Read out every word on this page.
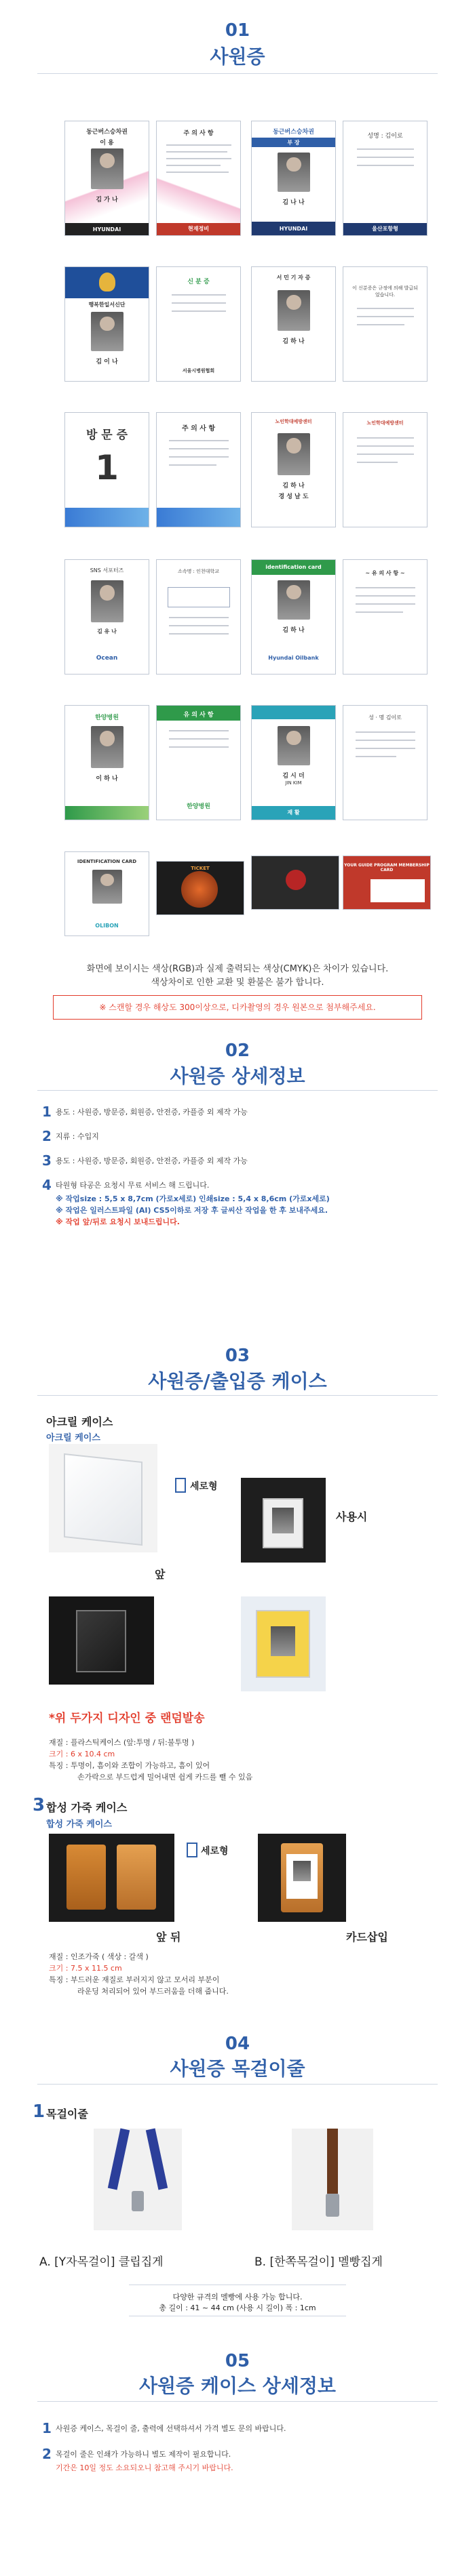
01
사원증
동근버스승차권
이 용
김 가 나
HYUNDAI
주 의 사 항
현재정비
동근버스승차권
부 장
김 나 나
HYUNDAI
성명 : 김이로
울산포항형
행복한일서신단
김 이 나
신 분 증
서울시병원협회
서 민 기 자 증
김 하 나
이 신분증은 규정에 의해 발급되었습니다.
방 문 증
1
주 의 사 항
노인학대예방센터
김 하 나
경 성 날 도
노인학대예방센터
SNS 서포터즈
김 유 나
Ocean
소속명 : 인천대학교
identification card
김 하 나
Hyundai Oilbank
~ 유 의 사 항 ~
한양병원
이 하 나
유 의 사 항
한양병원
김 시 더
JIN KIM
재 활
성 · 명 김이로
IDENTIFICATION CARD
OLIBON
TICKET
YOUR GUIDE PROGRAM MEMBERSHIP CARD
화면에 보이시는 색상(RGB)과 실제 출력되는 색상(CMYK)은 차이가 있습니다.
색상차이로 인한 교환 및 환불은 불가 합니다.
※ 스캔할 경우 해상도 300이상으로, 디카촬영의 경우 원본으로 첨부해주세요.
02
사원증 상세정보
1 용도 : 사원증, 방문증, 회원증, 안전증, 카플증 외 제작 가능
2 지류 : 수입지
3 용도 : 사원증, 방문증, 회원증, 안전증, 카플증 외 제작 가능
4 타원형 타공은 요청시 무료 서비스 해 드립니다.
※ 작업size : 5,5 x 8,7cm (가로x세로) 인쇄size : 5,4 x 8,6cm (가로x세로)
※ 작업은 일러스트파일 (AI) CS5이하로 저장 후 글씨산 작업을 한 후 보내주세요.
※ 작업 앞/뒤로 요청시 보내드립니다.
03
사원증/출입증 케이스
아크릴 케이스
아크릴 케이스
세로형
앞
사용시
*위 두가지 디자인 중 랜덤발송
재질 : 플라스틱케이스 (앞:투명 / 뒤:불투명 )
크기 : 6 x 10.4 cm
특징 : 투명이, 흠이와 조합이 가능하고, 흠이 있어
손가락으로 부드럽게 밀어내면 쉽게 카드를 뺄 수 있음
3 합성 가죽 케이스
합성 가죽 케이스
세로형
앞 뒤	카드삽입
재질 : 인조가죽 ( 색상 : 갈색 )
크기 : 7.5 x 11.5 cm
특징 : 부드러운 재질로 부러지지 않고 모서리 부분이
라운딩 처리되어 있어 부드러움을 더해 줍니다.
04
사원증 목걸이줄
1 목걸이줄
A. [Y자목걸이] 클립집게	B. [한쪽목걸이] 멜빵집게
다양한 규격의 멜빵에 사용 가능 합니다.
총 길이 : 41 ~ 44 cm (사용 시 길이) 폭 : 1cm
05
사원증 케이스 상세정보
1 사원증 케이스, 목걸이 줄, 출력에 선택하셔서 가격 별도 문의 바랍니다.
2 목걸이 줄은 인쇄가 가능하니 별도 제작이 필요합니다.
기간은 10일 정도 소요되오니 참고해 주시기 바랍니다.
